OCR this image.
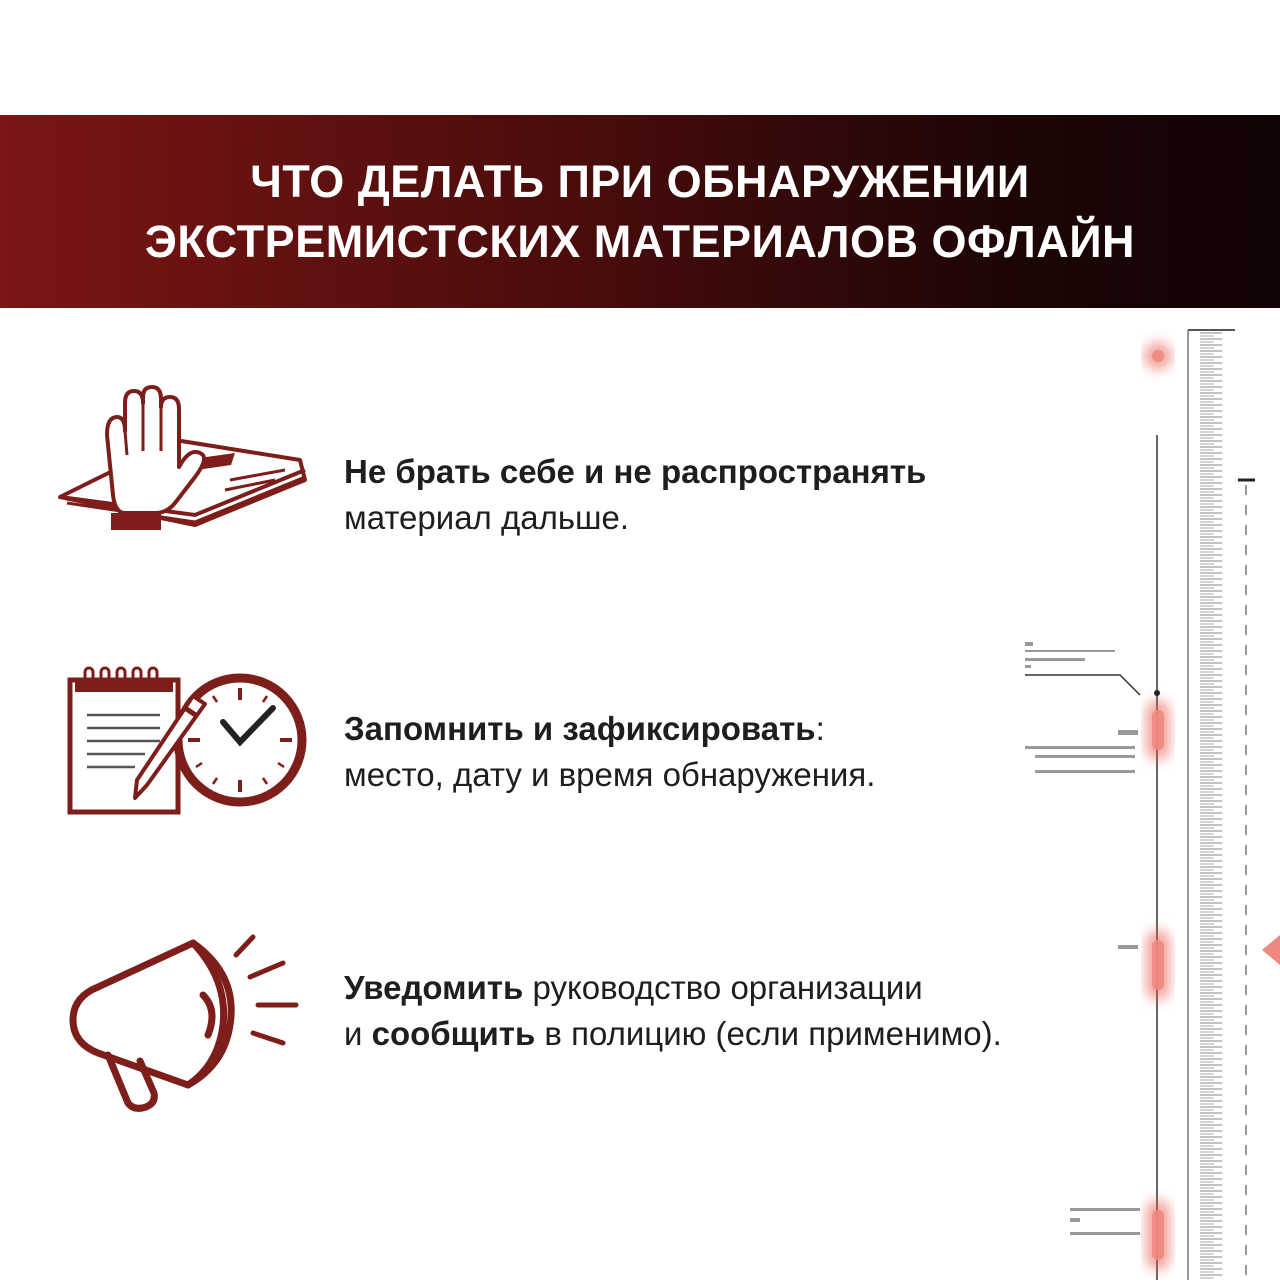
ЧТО ДЕЛАТЬ ПРИ ОБНАРУЖЕНИИ
ЭКСТРЕМИСТСКИХ МАТЕРИАЛОВ ОФЛАЙН
Не брать себе и не распространять
материал дальше.
Запомнить и зафиксировать:
место, дату и время обнаружения.
Уведомить руководство организации
и сообщить в полицию (если применимо).
